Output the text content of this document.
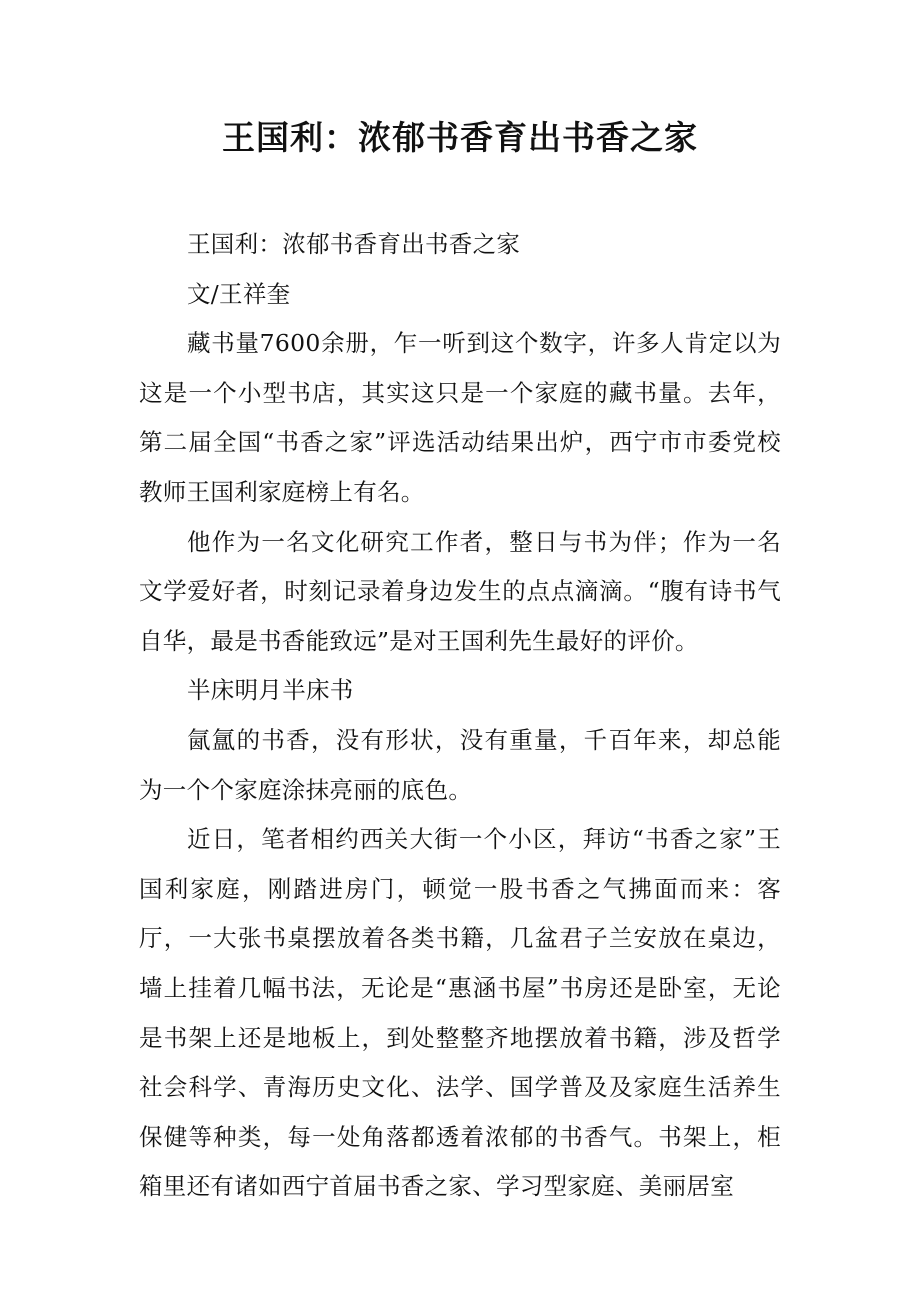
王国利：浓郁书香育出书香之家

王国利：浓郁书香育出书香之家

文/王祥奎

藏书量7600余册，乍一听到这个数字，许多人肯定以为这是一个小型书店，其实这只是一个家庭的藏书量。去年，第二届全国“书香之家”评选活动结果出炉，西宁市市委党校教师王国利家庭榜上有名。

他作为一名文化研究工作者，整日与书为伴；作为一名文学爱好者，时刻记录着身边发生的点点滴滴。“腹有诗书气自华，最是书香能致远”是对王国利先生最好的评价。

半床明月半床书

氤氲的书香，没有形状，没有重量，千百年来，却总能为一个个家庭涂抹亮丽的底色。

近日，笔者相约西关大街一个小区，拜访“书香之家”王国利家庭，刚踏进房门，顿觉一股书香之气拂面而来：客厅，一大张书桌摆放着各类书籍，几盆君子兰安放在桌边，墙上挂着几幅书法，无论是“惠涵书屋”书房还是卧室，无论是书架上还是地板上，到处整整齐地摆放着书籍，涉及哲学社会科学、青海历史文化、法学、国学普及及家庭生活养生保健等种类，每一处角落都透着浓郁的书香气。书架上，柜箱里还有诸如西宁首届书香之家、学习型家庭、美丽居室
